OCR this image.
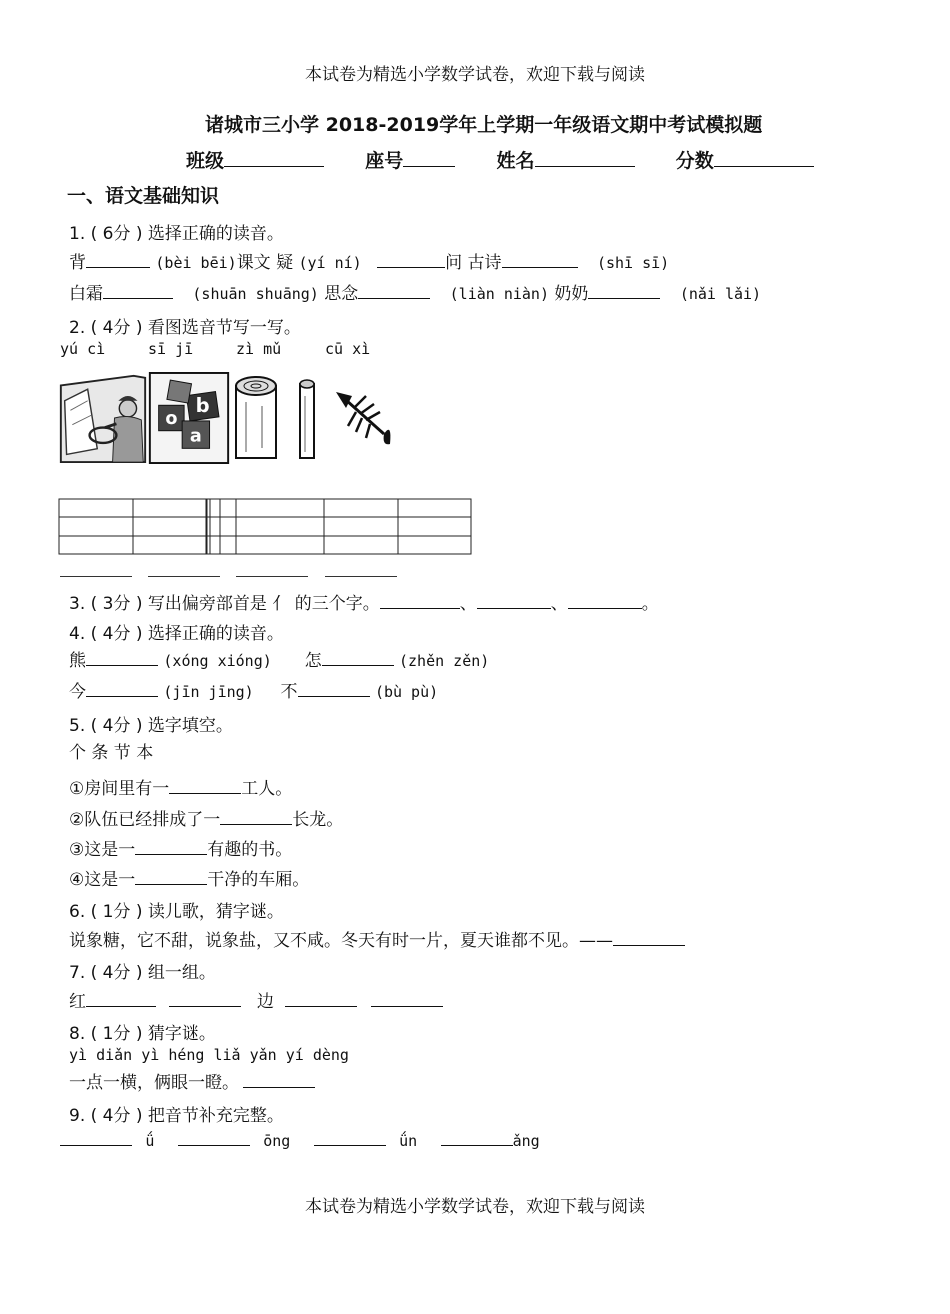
本试卷为精选小学数学试卷，欢迎下载与阅读
诸城市三小学 2018-2019学年上学期一年级语文期中考试模拟题
班级	座号	姓名	分数
一、语文基础知识
1. ( 6分 ) 选择正确的读音。
背	(bèi bēi)课文 疑 (yí ní)	问 古诗	(shī sī)
白霜	(shuān shuāng) 思念	(liàn niàn) 奶奶	(nǎi lǎi)
2. ( 4分 ) 看图选音节写一写。
yú cì	sī jī	zì mǔ	cū xì
o
b
a
3. ( 3分 ) 写出偏旁部首是 亻 的三个字。	、	、	。
4. ( 4分 ) 选择正确的读音。
熊	(xóng xióng) 怎	(zhěn zěn)
今	(jīn jīng) 不	(bù pù)
5. ( 4分 ) 选字填空。
个 条 节 本
①房间里有一	工人。
②队伍已经排成了一	长龙。
③这是一	有趣的书。
④这是一	干净的车厢。
6. ( 1分 ) 读儿歌，猜字谜。
说象糖，它不甜，说象盐，又不咸。冬天有时一片，夏天谁都不见。——
7. ( 4分 ) 组一组。
红	边
8. ( 1分 ) 猜字谜。
yì diǎn yì héng liǎ yǎn yí dèng
一点一横，俩眼一瞪。
9. ( 4分 ) 把音节补充完整。
ǘ	ōng	ǘn	ǎng
本试卷为精选小学数学试卷，欢迎下载与阅读
